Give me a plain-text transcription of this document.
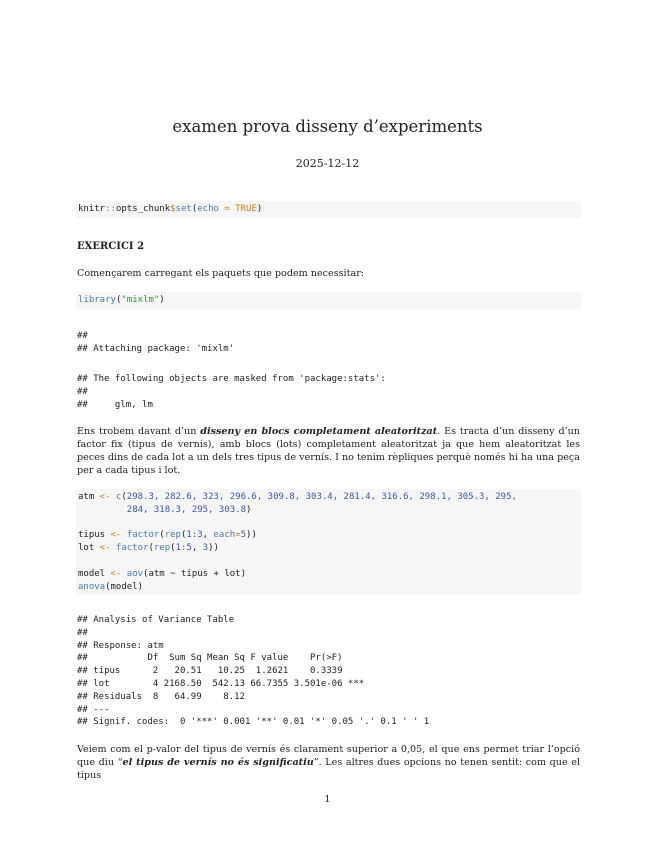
examen prova disseny d’experiments
2025-12-12
knitr::opts_chunk$set(echo = TRUE)
EXERCICI 2
Començarem carregant els paquets que podem necessitar:
library("mixlm")
##
## Attaching package: 'mixlm'
## The following objects are masked from 'package:stats':
##
##     glm, lm
Ens trobem davant d’un disseny en blocs completament aleatoritzat. Es tracta d’un disseny d’un factor fix (tipus de vernís), amb blocs (lots) completament aleatoritzat ja que hem aleatoritzat les peces dins de cada lot a un dels tres tipus de vernís. I no tenim rèpliques perquè només hi ha una peça per a cada tipus i lot.
atm <- c(298.3, 282.6, 323, 296.6, 309.8, 303.4, 281.4, 316.6, 298.1, 305.3, 295,
284, 318.3, 295, 303.8)

tipus <- factor(rep(1:3, each=5))
lot <- factor(rep(1:5, 3))

model <- aov(atm ~ tipus + lot)
anova(model)
## Analysis of Variance Table
##
## Response: atm
##           Df  Sum Sq Mean Sq F value    Pr(>F)
## tipus      2   20.51   10.25  1.2621    0.3339
## lot        4 2168.50  542.13 66.7355 3.501e-06 ***
## Residuals  8   64.99    8.12
## ---
## Signif. codes:  0 '***' 0.001 '**' 0.01 '*' 0.05 '.' 0.1 ' ' 1
Veiem com el p-valor del tipus de vernís és clarament superior a 0,05, el que ens permet triar l’opció que diu “el tipus de vernís no és significatiu”. Les altres dues opcions no tenen sentit: com que el tipus
1
